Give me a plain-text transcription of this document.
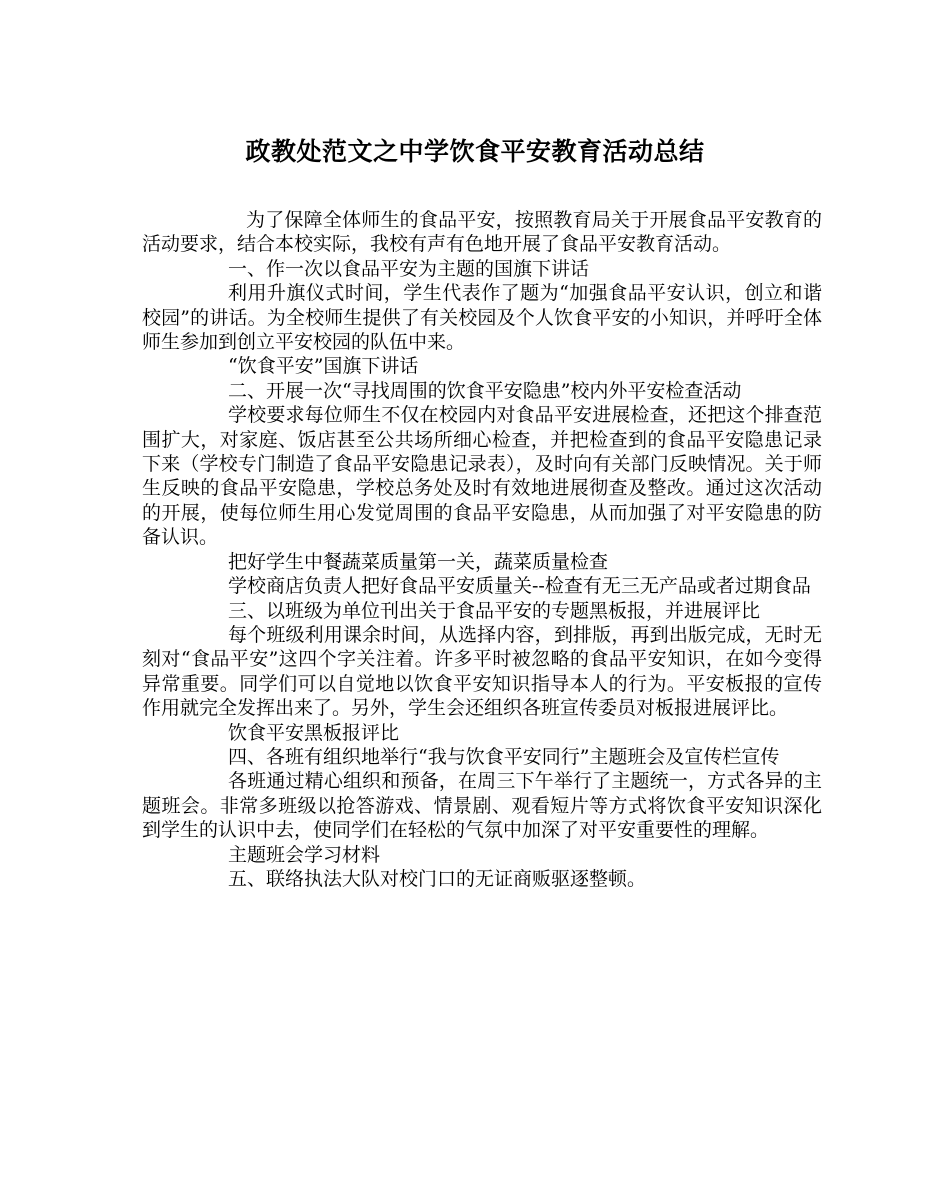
政教处范文之中学饮食平安教育活动总结

为了保障全体师生的食品平安，按照教育局关于开展食品平安教育的活动要求，结合本校实际，我校有声有色地开展了食品平安教育活动。

一、作一次以食品平安为主题的国旗下讲话

利用升旗仪式时间，学生代表作了题为“加强食品平安认识，创立和谐校园”的讲话。为全校师生提供了有关校园及个人饮食平安的小知识，并呼吁全体师生参加到创立平安校园的队伍中来。

“饮食平安”国旗下讲话

二、开展一次“寻找周围的饮食平安隐患”校内外平安检查活动

学校要求每位师生不仅在校园内对食品平安进展检查，还把这个排查范围扩大，对家庭、饭店甚至公共场所细心检查，并把检查到的食品平安隐患记录下来（学校专门制造了食品平安隐患记录表），及时向有关部门反映情况。关于师生反映的食品平安隐患，学校总务处及时有效地进展彻查及整改。通过这次活动的开展，使每位师生用心发觉周围的食品平安隐患，从而加强了对平安隐患的防备认识。

把好学生中餐蔬菜质量第一关，蔬菜质量检查

学校商店负责人把好食品平安质量关--检查有无三无产品或者过期食品

三、以班级为单位刊出关于食品平安的专题黑板报，并进展评比

每个班级利用课余时间，从选择内容，到排版，再到出版完成，无时无刻对“食品平安”这四个字关注着。许多平时被忽略的食品平安知识，在如今变得异常重要。同学们可以自觉地以饮食平安知识指导本人的行为。平安板报的宣传作用就完全发挥出来了。另外，学生会还组织各班宣传委员对板报进展评比。

饮食平安黑板报评比

四、各班有组织地举行“我与饮食平安同行”主题班会及宣传栏宣传

各班通过精心组织和预备，在周三下午举行了主题统一，方式各异的主题班会。非常多班级以抢答游戏、情景剧、观看短片等方式将饮食平安知识深化到学生的认识中去，使同学们在轻松的气氛中加深了对平安重要性的理解。

主题班会学习材料

五、联络执法大队对校门口的无证商贩驱逐整顿。
